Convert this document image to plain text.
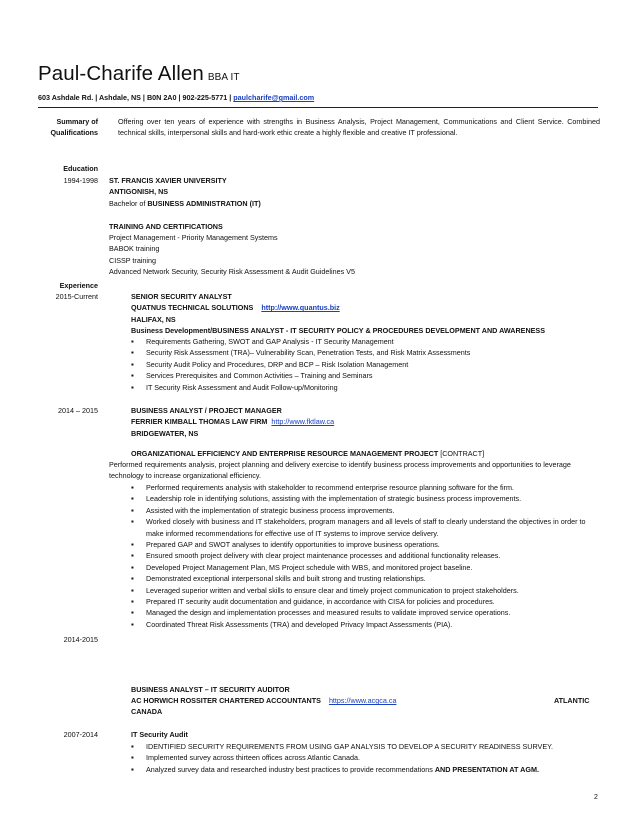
Paul-Charife Allen BBA IT
603 Ashdale Rd. | Ashdale, NS | B0N 2A0 | 902-225-5771 | paulcharife@gmail.com
Summary of
Qualifications
Offering over ten years of experience with strengths in Business Analysis, Project Management, Communications and Client Service. Combined technical skills, interpersonal skills and hard-work ethic create a highly flexible and creative IT professional.
Education
1994-1998 ST. FRANCIS XAVIER UNIVERSITY
ANTIGONISH, NS
Bachelor of BUSINESS ADMINISTRATION (IT)
TRAINING AND CERTIFICATIONS
Project Management - Priority Management Systems
BABOK training
CISSP training
Advanced Network Security, Security Risk Assessment & Audit Guidelines V5
Experience
2015-Current	SENIOR SECURITY ANALYST
QUATNUS TECHNICAL SOLUTIONS http://www.quantus.biz
HALIFAX, NS
Business Development/BUSINESS ANALYST - IT SECURITY POLICY & PROCEDURES DEVELOPMENT AND AWARENESS
▪ Requirements Gathering, SWOT and GAP Analysis - IT Security Management
▪ Security Risk Assessment (TRA)– Vulnerability Scan, Penetration Tests, and Risk Matrix Assessments
▪ Security Audit Policy and Procedures, DRP and BCP – Risk Isolation Management
▪ Services Prerequisites and Common Activities – Training and Seminars
▪ IT Security Risk Assessment and Audit Follow-up/Monitoring
2014 – 2015	BUSINESS ANALYST / PROJECT MANAGER
FERRIER KIMBALL THOMAS LAW FIRM http://www.fktlaw.ca
BRIDGEWATER, NS
ORGANIZATIONAL EFFICIENCY AND ENTERPRISE RESOURCE MANAGEMENT PROJECT [CONTRACT]
Performed requirements analysis, project planning and delivery exercise to identify business process improvements and opportunities to leverage technology to increase organizational efficiency.
▪ Performed requirements analysis with stakeholder to recommend enterprise resource planning software for the firm.
▪ Leadership role in identifying solutions, assisting with the implementation of strategic business process improvements.
▪ Assisted with the implementation of strategic business process improvements.
▪ Worked closely with business and IT stakeholders, program managers and all levels of staff to clearly understand the objectives in order to make informed recommendations for effective use of IT systems to improve service delivery.
▪ Prepared GAP and SWOT analyses to identify opportunities to improve business operations.
▪ Ensured smooth project delivery with clear project maintenance processes and additional functionality releases.
▪ Developed Project Management Plan, MS Project schedule with WBS, and monitored project baseline.
▪ Demonstrated exceptional interpersonal skills and built strong and trusting relationships.
▪ Leveraged superior written and verbal skills to ensure clear and timely project communication to project stakeholders.
▪ Prepared IT security audit documentation and guidance, in accordance with CISA for policies and procedures.
▪ Managed the design and implementation processes and measured results to validate improved service operations.
▪ Coordinated Threat Risk Assessments (TRA) and developed Privacy Impact Assessments (PIA).
2014-2015
BUSINESS ANALYST – IT SECURITY AUDITOR
AC HORWICH ROSSITER CHARTERED ACCOUNTANTS https://www.acgca.ca	ATLANTIC
CANADA
2007-2014	IT Security Audit
▪ IDENTIFIED SECURITY REQUIREMENTS FROM USING GAP ANALYSIS TO DEVELOP A SECURITY READINESS SURVEY.
▪ Implemented survey across thirteen offices across Atlantic Canada.
▪ Analyzed survey data and researched industry best practices to provide recommendations AND PRESENTATION AT AGM.
2
